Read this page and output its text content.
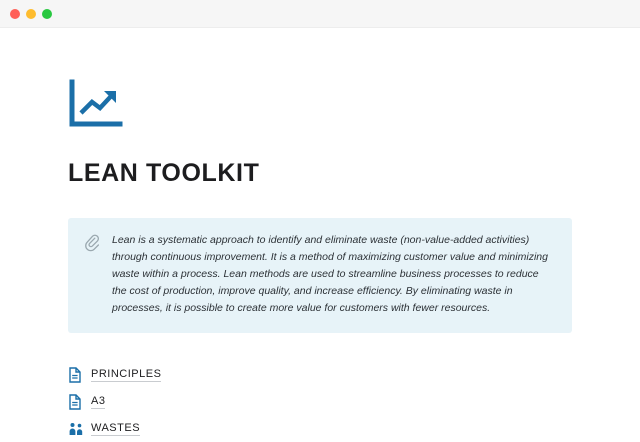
LEAN TOOLKIT

Lean is a systematic approach to identify and eliminate waste (non-value-added activities) through continuous improvement. It is a method of maximizing customer value and minimizing waste within a process. Lean methods are used to streamline business processes to reduce the cost of production, improve quality, and increase efficiency. By eliminating waste in processes, it is possible to create more value for customers with fewer resources.

PRINCIPLES
A3
WASTES
